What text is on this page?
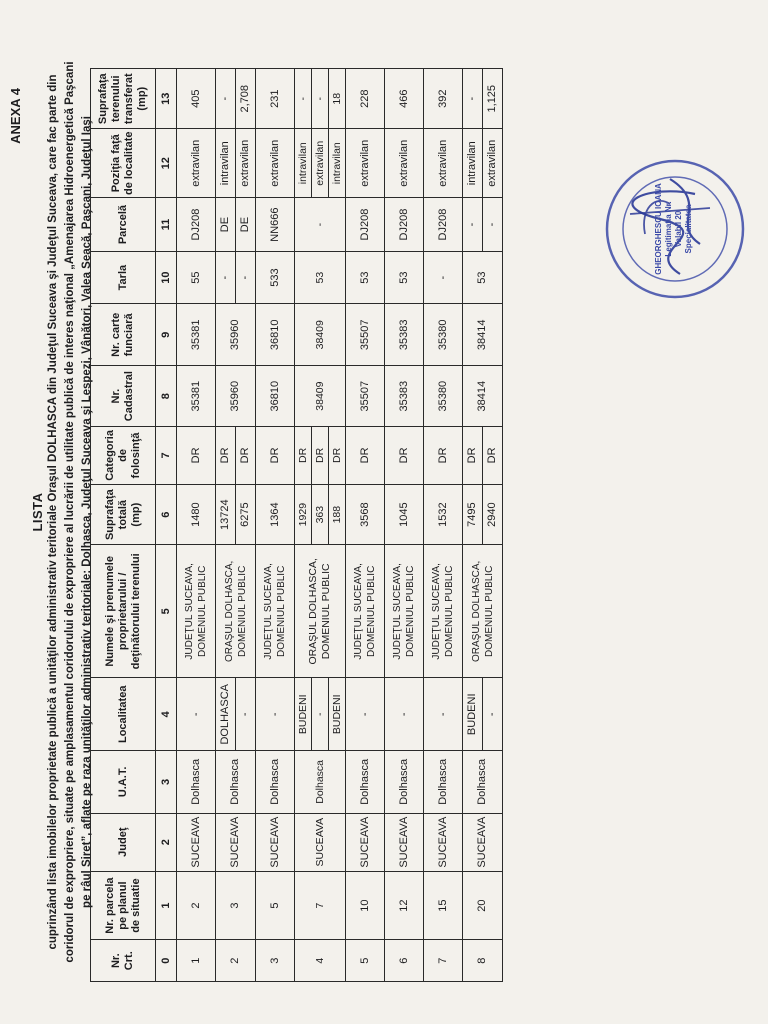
ANEXA 4
LISTA cuprinzând lista imobilelor proprietate publică a unităţilor administrativ teritoriale Oraşul DOLHASCA din Judeţul Suceava şi Judeţul Suceava, care fac parte din coridorul de expropriere, situate pe amplasamentul coridorului de expropriere al lucrării de utilitate publică de interes naţional „Amenajarea Hidroenergetică Paşcani pe râul Siret”, aflate pe raza unităţilor administrativ teritoriale: Dolhasca, Judeţul Suceava şi Lespezi, Vânători, Valea Seacă, Paşcani, Judeţul Iaşi
Nr. Crt.	Nr. parcela pe planul de situatie	Judeţ	U.A.T.	Localitatea	Numele şi prenumele proprietarului / deţinătorului terenului	Suprafaţa totală (mp)	Categoria de folosinţă	Nr. Cadastral	Nr. carte funciară	Tarla	Parcelă	Poziţia faţă de localitate	Suprafaţa terenului transferat (mp)
0	1	2	3	4	5	6	7	8	9	10	11	12	13
1	2	SUCEAVA	Dolhasca	-	JUDEŢUL SUCEAVA, DOMENIUL PUBLIC	1480	DR	35381	35381	55	DJ208	extravilan	405
2	3	SUCEAVA	Dolhasca	DOLHASCA	ORAŞUL DOLHASCA, DOMENIUL PUBLIC	13724	DR	35960	35960	-	DE	intravilan	-
				-		6275	DR			-	DE	extravilan	2,708
3	5	SUCEAVA	Dolhasca	-	JUDEŢUL SUCEAVA, DOMENIUL PUBLIC	1364	DR	36810	36810	533	NN666	extravilan	231
4	7	SUCEAVA	Dolhasca	BUDENI	ORAŞUL DOLHASCA, DOMENIUL PUBLIC	1929	DR	38409	38409	53	-	intravilan	-
				-		363	DR					extravilan	-
				BUDENI		188	DR					intravilan	18
5	10	SUCEAVA	Dolhasca	-	JUDEŢUL SUCEAVA, DOMENIUL PUBLIC	3568	DR	35507	35507	53	DJ208	extravilan	228
6	12	SUCEAVA	Dolhasca	-	JUDEŢUL SUCEAVA, DOMENIUL PUBLIC	1045	DR	35383	35383	53	DJ208	extravilan	466
7	15	SUCEAVA	Dolhasca	-	JUDEŢUL SUCEAVA, DOMENIUL PUBLIC	1532	DR	35380	35380	-	DJ208	extravilan	392
8	20	SUCEAVA	Dolhasca	BUDENI	ORAŞUL DOLHASCA, DOMENIUL PUBLIC	7495	DR	38414	38414	53	-	intravilan	-
				-		2940	DR				-	extravilan	1,125
GHEORGHESCU IOANA Legitimaţia Nr. Valabil 20 Specialitatea
